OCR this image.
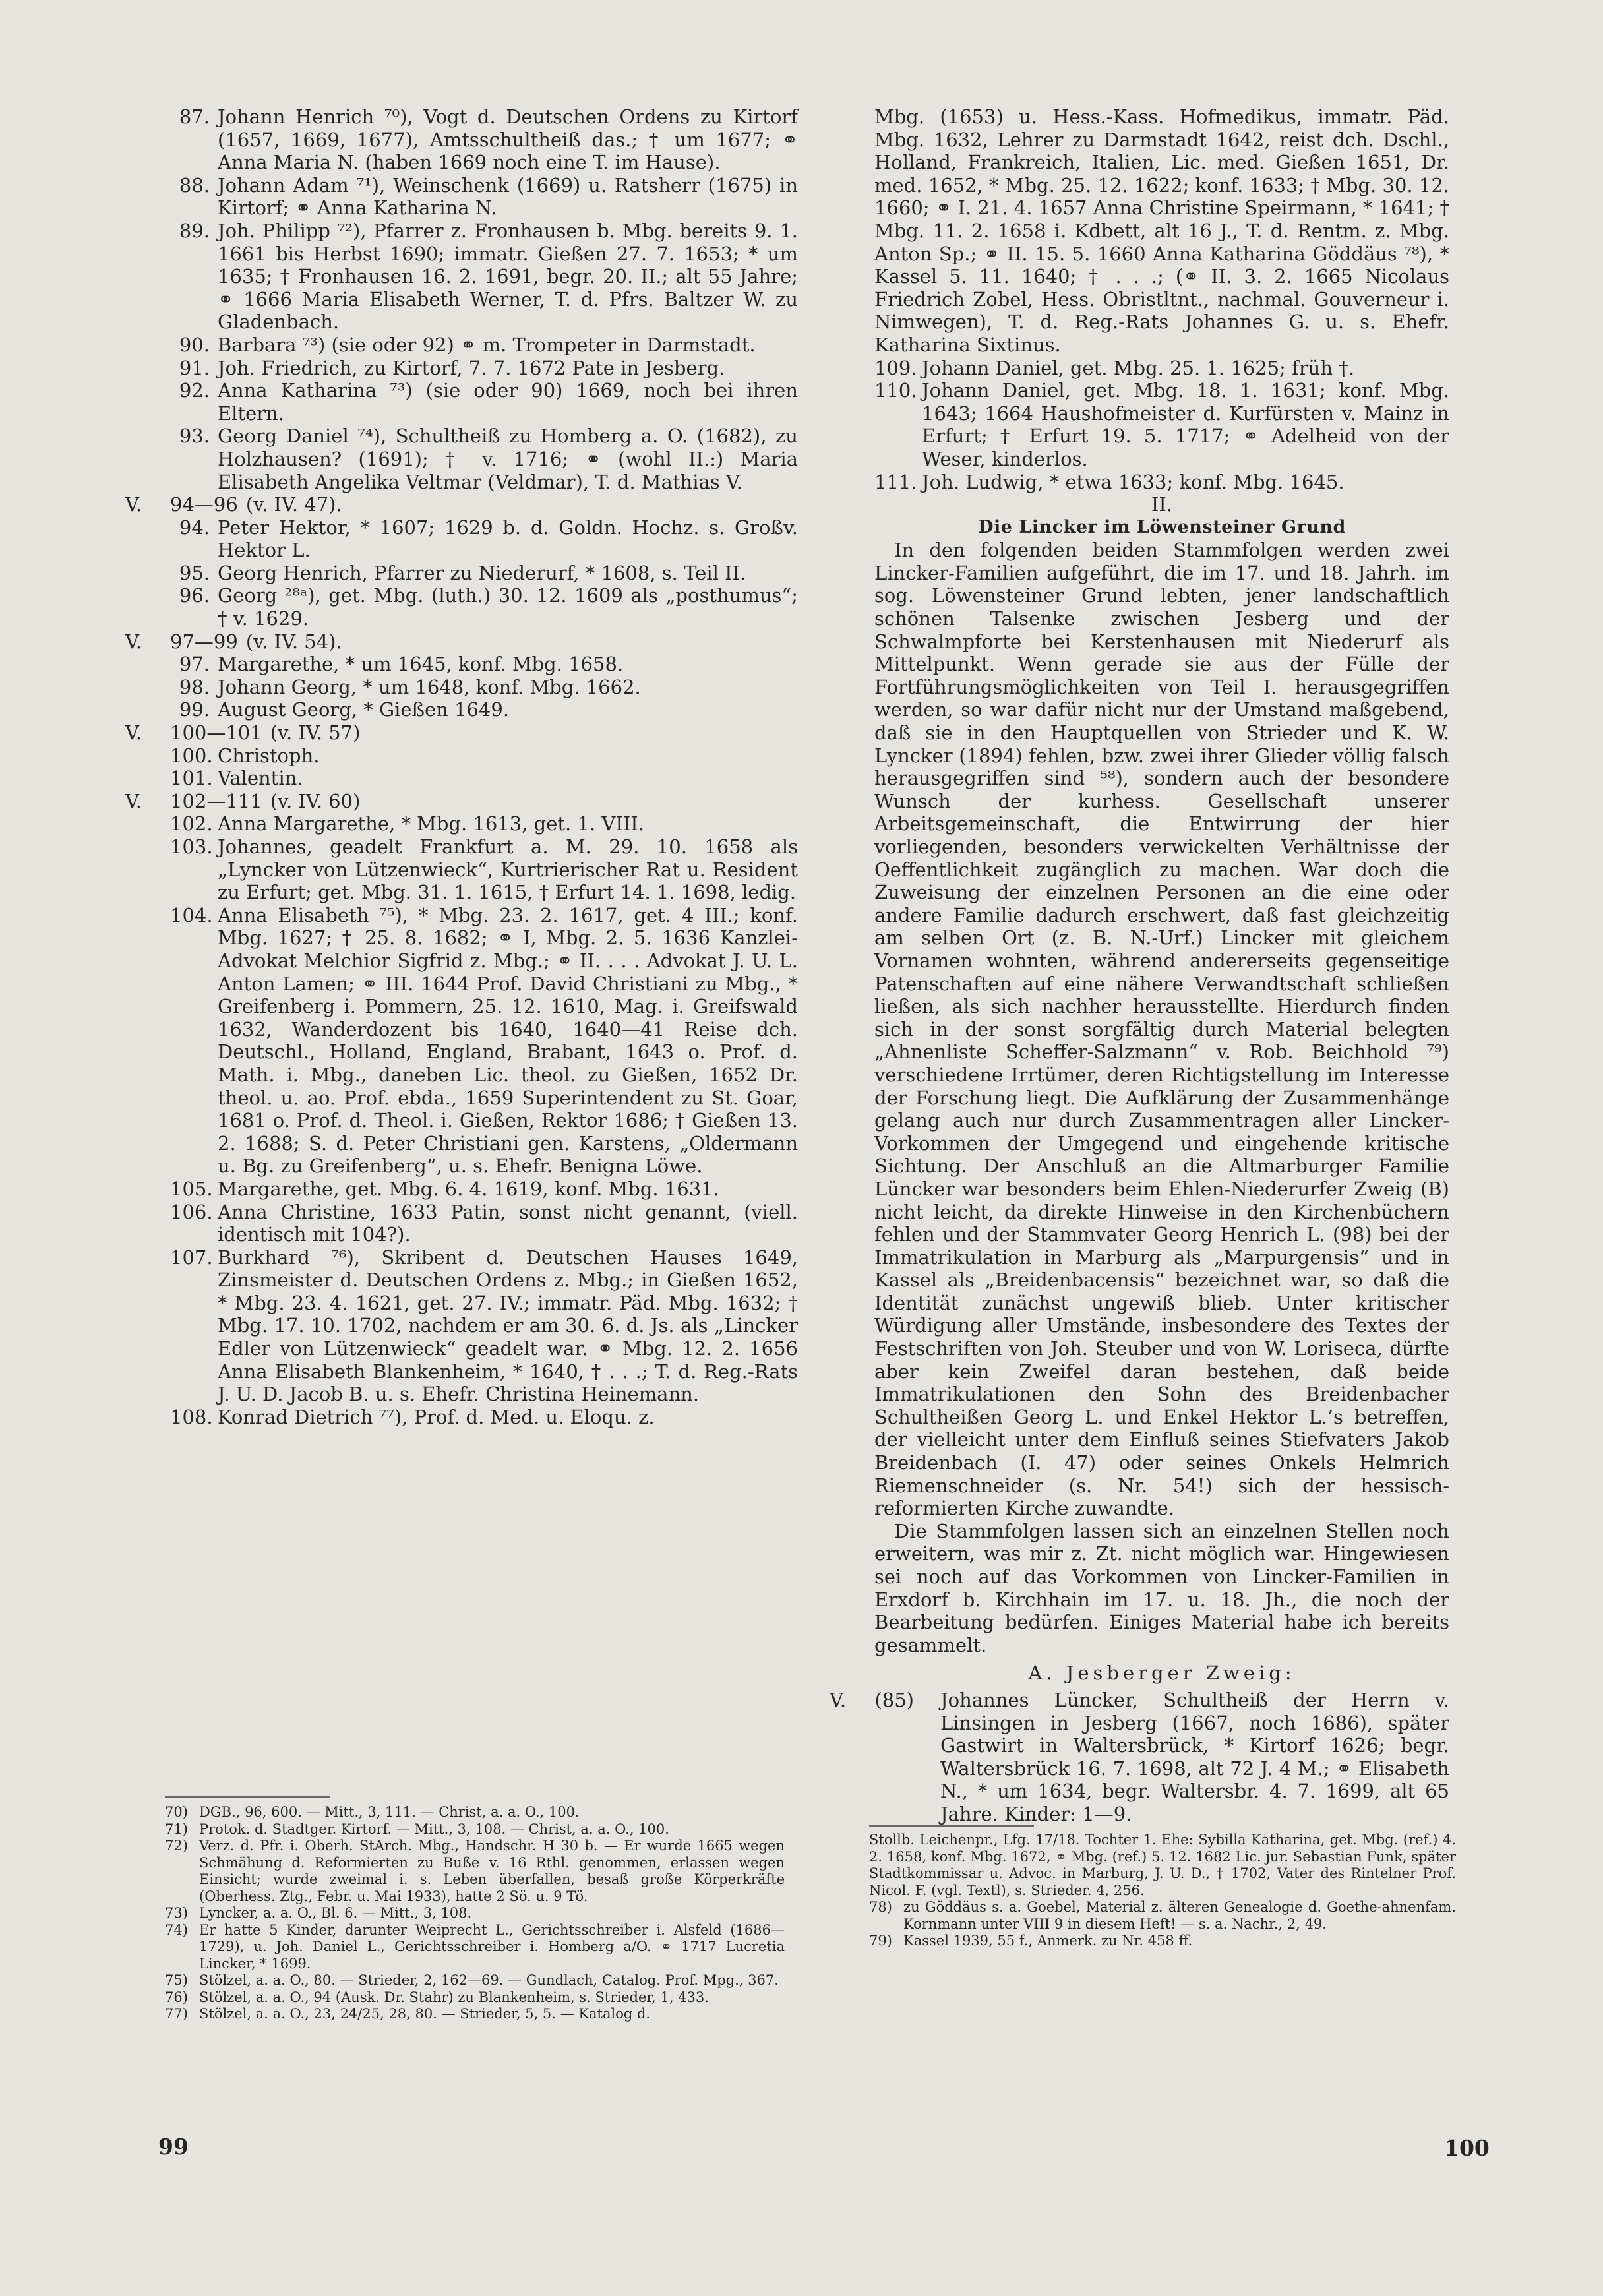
87. Johann Henrich ⁷⁰), Vogt d. Deutschen Ordens zu Kirtorf (1657, 1669, 1677), Amtsschultheiß das.; † um 1677; ⚭ Anna Maria N. (haben 1669 noch eine T. im Hause).
88. Johann Adam ⁷¹), Weinschenk (1669) u. Ratsherr (1675) in Kirtorf; ⚭ Anna Katharina N.
89. Joh. Philipp ⁷²), Pfarrer z. Fronhausen b. Mbg. bereits 9. 1. 1661 bis Herbst 1690; immatr. Gießen 27. 7. 1653; * um 1635; † Fronhausen 16. 2. 1691, begr. 20. II.; alt 55 Jahre; ⚭ 1666 Maria Elisabeth Werner, T. d. Pfrs. Baltzer W. zu Gladenbach.
90. Barbara ⁷³) (sie oder 92) ⚭ m. Trompeter in Darmstadt.
91. Joh. Friedrich, zu Kirtorf, 7. 7. 1672 Pate in Jesberg.
92. Anna Katharina ⁷³) (sie oder 90) 1669, noch bei ihren Eltern.
93. Georg Daniel ⁷⁴), Schultheiß zu Homberg a. O. (1682), zu Holzhausen? (1691); † v. 1716; ⚭ (wohl II.:) Maria Elisabeth Angelika Veltmar (Veldmar), T. d. Mathias V.
V. 94—96 (v. IV. 47).
94. Peter Hektor, * 1607; 1629 b. d. Goldn. Hochz. s. Großv. Hektor L.
95. Georg Henrich, Pfarrer zu Niederurf, * 1608, s. Teil II.
96. Georg ²⁸ᵃ), get. Mbg. (luth.) 30. 12. 1609 als „posthumus“; † v. 1629.
V. 97—99 (v. IV. 54).
97. Margarethe, * um 1645, konf. Mbg. 1658.
98. Johann Georg, * um 1648, konf. Mbg. 1662.
99. August Georg, * Gießen 1649.
V. 100—101 (v. IV. 57)
100. Christoph.
101. Valentin.
V. 102—111 (v. IV. 60)
102. Anna Margarethe, * Mbg. 1613, get. 1. VIII.
103. Johannes, geadelt Frankfurt a. M. 29. 10. 1658 als „Lyncker von Lützenwieck“, Kurtrierischer Rat u. Resident zu Erfurt; get. Mbg. 31. 1. 1615, † Erfurt 14. 1. 1698, ledig.
104. Anna Elisabeth ⁷⁵), * Mbg. 23. 2. 1617, get. 4 III.; konf. Mbg. 1627; † 25. 8. 1682; ⚭ I, Mbg. 2. 5. 1636 Kanzlei-Advokat Melchior Sigfrid z. Mbg.; ⚭ II. . . . Advokat J. U. L. Anton Lamen; ⚭ III. 1644 Prof. David Christiani zu Mbg., * Greifenberg i. Pommern, 25. 12. 1610, Mag. i. Greifswald 1632, Wanderdozent bis 1640, 1640—41 Reise dch. Deutschl., Holland, England, Brabant, 1643 o. Prof. d. Math. i. Mbg., daneben Lic. theol. zu Gießen, 1652 Dr. theol. u. ao. Prof. ebda., 1659 Superintendent zu St. Goar, 1681 o. Prof. d. Theol. i. Gießen, Rektor 1686; † Gießen 13. 2. 1688; S. d. Peter Christiani gen. Karstens, „Oldermann u. Bg. zu Greifenberg“, u. s. Ehefr. Benigna Löwe.
105. Margarethe, get. Mbg. 6. 4. 1619, konf. Mbg. 1631.
106. Anna Christine, 1633 Patin, sonst nicht genannt, (viell. identisch mit 104?).
107. Burkhard ⁷⁶), Skribent d. Deutschen Hauses 1649, Zinsmeister d. Deutschen Ordens z. Mbg.; in Gießen 1652, * Mbg. 23. 4. 1621, get. 27. IV.; immatr. Päd. Mbg. 1632; † Mbg. 17. 10. 1702, nachdem er am 30. 6. d. Js. als „Lincker Edler von Lützenwieck“ geadelt war. ⚭ Mbg. 12. 2. 1656 Anna Elisabeth Blankenheim, * 1640, † . . .; T. d. Reg.-Rats J. U. D. Jacob B. u. s. Ehefr. Christina Heinemann.
108. Konrad Dietrich ⁷⁷), Prof. d. Med. u. Eloqu. z.
Mbg. (1653) u. Hess.-Kass. Hofmedikus, immatr. Päd. Mbg. 1632, Lehrer zu Darmstadt 1642, reist dch. Dschl., Holland, Frankreich, Italien, Lic. med. Gießen 1651, Dr. med. 1652, * Mbg. 25. 12. 1622; konf. 1633; † Mbg. 30. 12. 1660; ⚭ I. 21. 4. 1657 Anna Christine Speirmann, * 1641; † Mbg. 11. 2. 1658 i. Kdbett, alt 16 J., T. d. Rentm. z. Mbg. Anton Sp.; ⚭ II. 15. 5. 1660 Anna Katharina Göddäus ⁷⁸), * Kassel 5. 11. 1640; † . . .; (⚭ II. 3. 2. 1665 Nicolaus Friedrich Zobel, Hess. Obristltnt., nachmal. Gouverneur i. Nimwegen), T. d. Reg.-Rats Johannes G. u. s. Ehefr. Katharina Sixtinus.
109. Johann Daniel, get. Mbg. 25. 1. 1625; früh †.
110. Johann Daniel, get. Mbg. 18. 1. 1631; konf. Mbg. 1643; 1664 Haushofmeister d. Kurfürsten v. Mainz in Erfurt; † Erfurt 19. 5. 1717; ⚭ Adelheid von der Weser, kinderlos.
111. Joh. Ludwig, * etwa 1633; konf. Mbg. 1645.
II.
Die Lincker im Löwensteiner Grund

In den folgenden beiden Stammfolgen werden zwei Lincker-Familien aufgeführt, die im 17. und 18. Jahrh. im sog. Löwensteiner Grund lebten, jener landschaftlich schönen Talsenke zwischen Jesberg und der Schwalmpforte bei Kerstenhausen mit Niederurf als Mittelpunkt. Wenn gerade sie aus der Fülle der Fortführungsmöglichkeiten von Teil I. herausgegriffen werden, so war dafür nicht nur der Umstand maßgebend, daß sie in den Hauptquellen von Strieder und K. W. Lyncker (1894) fehlen, bzw. zwei ihrer Glieder völlig falsch herausgegriffen sind ⁵⁸), sondern auch der besondere Wunsch der kurhess. Gesellschaft unserer Arbeitsgemeinschaft, die Entwirrung der hier vorliegenden, besonders verwickelten Verhältnisse der Oeffentlichkeit zugänglich zu machen. War doch die Zuweisung der einzelnen Personen an die eine oder andere Familie dadurch erschwert, daß fast gleichzeitig am selben Ort (z. B. N.-Urf.) Lincker mit gleichem Vornamen wohnten, während andererseits gegenseitige Patenschaften auf eine nähere Verwandtschaft schließen ließen, als sich nachher herausstellte. Hierdurch finden sich in der sonst sorgfältig durch Material belegten „Ahnenliste Scheffer-Salzmann“ v. Rob. Beichhold ⁷⁹) verschiedene Irrtümer, deren Richtigstellung im Interesse der Forschung liegt. Die Aufklärung der Zusammenhänge gelang auch nur durch Zusammentragen aller Lincker-Vorkommen der Umgegend und eingehende kritische Sichtung. Der Anschluß an die Altmarburger Familie Lüncker war besonders beim Ehlen-Niederurfer Zweig (B) nicht leicht, da direkte Hinweise in den Kirchenbüchern fehlen und der Stammvater Georg Henrich L. (98) bei der Immatrikulation in Marburg als „Marpurgensis“ und in Kassel als „Breidenbacensis“ bezeichnet war, so daß die Identität zunächst ungewiß blieb. Unter kritischer Würdigung aller Umstände, insbesondere des Textes der Festschriften von Joh. Steuber und von W. Loriseca, dürfte aber kein Zweifel daran bestehen, daß beide Immatrikulationen den Sohn des Breidenbacher Schultheißen Georg L. und Enkel Hektor L.’s betreffen, der vielleicht unter dem Einfluß seines Stiefvaters Jakob Breidenbach (I. 47) oder seines Onkels Helmrich Riemenschneider (s. Nr. 54!) sich der hessisch-reformierten Kirche zuwandte.

Die Stammfolgen lassen sich an einzelnen Stellen noch erweitern, was mir z. Zt. nicht möglich war. Hingewiesen sei noch auf das Vorkommen von Lincker-Familien in Erxdorf b. Kirchhain im 17. u. 18. Jh., die noch der Bearbeitung bedürfen. Einiges Material habe ich bereits gesammelt.

A. Jesberger Zweig:
V. (85) Johannes Lüncker, Schultheiß der Herrn v. Linsingen in Jesberg (1667, noch 1686), später Gastwirt in Waltersbrück, * Kirtorf 1626; begr. Waltersbrück 16. 7. 1698, alt 72 J. 4 M.; ⚭ Elisabeth N., * um 1634, begr. Waltersbr. 4. 7. 1699, alt 65 Jahre. Kinder: 1—9.
70) DGB., 96, 600. — Mitt., 3, 111. — Christ, a. a. O., 100.
71) Protok. d. Stadtger. Kirtorf. — Mitt., 3, 108. — Christ, a. a. O., 100.
72) Verz. d. Pfr. i. Oberh. StArch. Mbg., Handschr. H 30 b. — Er wurde 1665 wegen Schmähung d. Reformierten zu Buße v. 16 Rthl. genommen, erlassen wegen Einsicht; wurde zweimal i. s. Leben überfallen, besaß große Körperkräfte (Oberhess. Ztg., Febr. u. Mai 1933), hatte 2 Sö. u. 9 Tö.
73) Lyncker, a. a. O., Bl. 6. — Mitt., 3, 108.
74) Er hatte 5 Kinder, darunter Weiprecht L., Gerichtsschreiber i. Alsfeld (1686—1729), u. Joh. Daniel L., Gerichtsschreiber i. Homberg a/O. ⚭ 1717 Lucretia Lincker, * 1699.
75) Stölzel, a. a. O., 80. — Strieder, 2, 162—69. — Gundlach, Catalog. Prof. Mpg., 367.
76) Stölzel, a. a. O., 94 (Ausk. Dr. Stahr) zu Blankenheim, s. Strieder, 1, 433.
77) Stölzel, a. a. O., 23, 24/25, 28, 80. — Strieder, 5, 5. — Katalog d.
Stollb. Leichenpr., Lfg. 17/18. Tochter 1. Ehe: Sybilla Katharina, get. Mbg. (ref.) 4. 2. 1658, konf. Mbg. 1672, ⚭ Mbg. (ref.) 5. 12. 1682 Lic. jur. Sebastian Funk, später Stadtkommissar u. Advoc. in Marburg, J. U. D., † 1702, Vater des Rintelner Prof. Nicol. F. (vgl. Textl), s. Strieder. 4, 256.
78) zu Göddäus s. a. Goebel, Material z. älteren Genealogie d. Goethe-ahnenfam. Kornmann unter VIII 9 in diesem Heft! — s. a. Nachr., 2, 49.
79) Kassel 1939, 55 f., Anmerk. zu Nr. 458 ff.
99	100
